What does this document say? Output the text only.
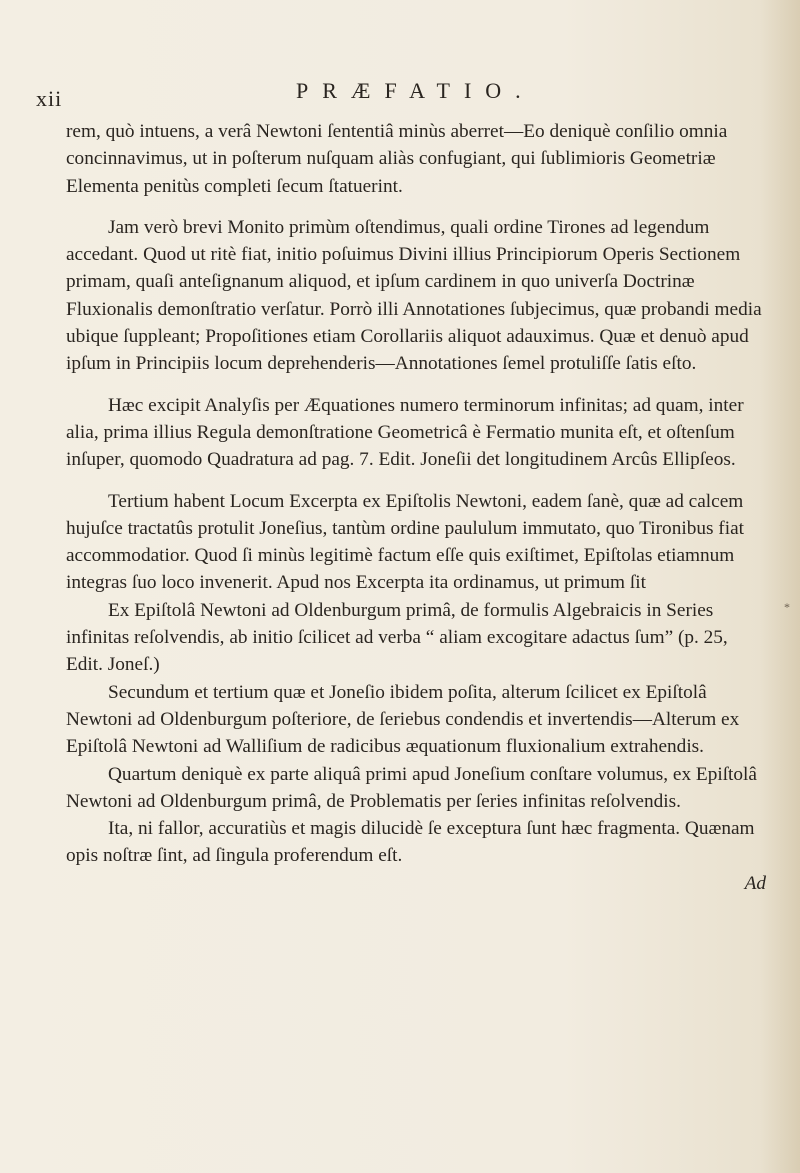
xii	PRÆFATIO.

rem, quò intuens, a verâ Newtoni ſententiâ minùs aberret—Eo deniquè conſilio omnia concinnavimus, ut in poſterum nuſquam aliàs confugiant, qui ſublimioris Geometriæ Elementa penitùs completi ſecum ſtatuerint.

Jam verò brevi Monito primùm oſtendimus, quali ordine Tirones ad legendum accedant. Quod ut ritè fiat, initio poſuimus Divini illius Principiorum Operis Sectionem primam, quaſi anteſignanum aliquod, et ipſum cardinem in quo univerſa Doctrinæ Fluxionalis demonſtratio verſatur. Porrò illi Annotationes ſubjecimus, quæ probandi media ubique ſuppleant; Propoſitiones etiam Corollariis aliquot adauximus. Quæ et denuò apud ipſum in Principiis locum deprehenderis—Annotationes ſemel protuliſſe ſatis eſto.

Hæc excipit Analyſis per Æquationes numero terminorum infinitas; ad quam, inter alia, prima illius Regula demonſtratione Geometricâ è Fermatio munita eſt, et oſtenſum inſuper, quomodo Quadratura ad pag. 7. Edit. Joneſii det longitudinem Arcûs Ellipſeos.

Tertium habent Locum Excerpta ex Epiſtolis Newtoni, eadem ſanè, quæ ad calcem hujuſce tractatûs protulit Joneſius, tantùm ordine paululum immutato, quo Tironibus fiat accommodatior. Quod ſi minùs legitimè factum eſſe quis exiſtimet, Epiſtolas etiamnum integras ſuo loco invenerit. Apud nos Excerpta ita ordinamus, ut primum ſit

Ex Epiſtolâ Newtoni ad Oldenburgum primâ, de formulis Algebraicis in Series infinitas reſolvendis, ab initio ſcilicet ad verba “ aliam excogitare adactus ſum” (p. 25, Edit. Joneſ.)

Secundum et tertium quæ et Joneſio ibidem poſita, alterum ſcilicet ex Epiſtolâ Newtoni ad Oldenburgum poſteriore, de ſeriebus condendis et invertendis—Alterum ex Epiſtolâ Newtoni ad Walliſium de radicibus æquationum fluxionalium extrahendis.

Quartum deniquè ex parte aliquâ primi apud Joneſium conſtare volumus, ex Epiſtolâ Newtoni ad Oldenburgum primâ, de Problematis per ſeries infinitas reſolvendis.

Ita, ni fallor, accuratiùs et magis dilucidè ſe exceptura ſunt hæc fragmenta. Quænam opis noſtræ ſint, ad ſingula proferendum eſt.

Ad

*
